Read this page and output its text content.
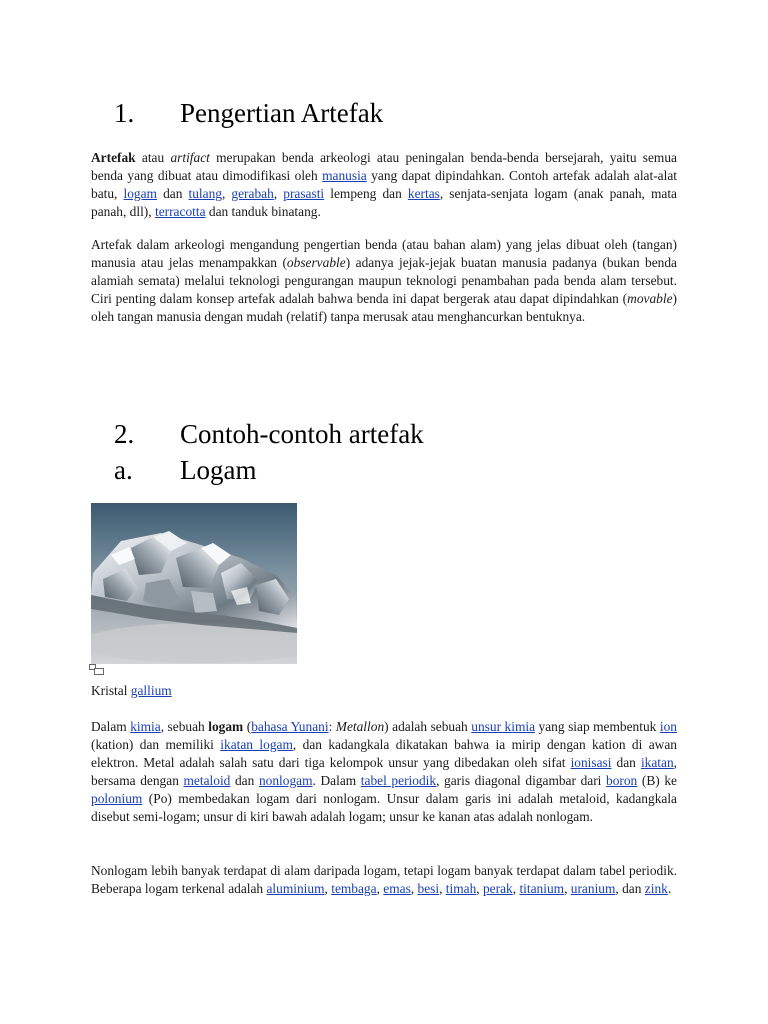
1. Pengertian Artefak
Artefak atau artifact merupakan benda arkeologi atau peningalan benda-benda bersejarah, yaitu semua benda yang dibuat atau dimodifikasi oleh manusia yang dapat dipindahkan. Contoh artefak adalah alat-alat batu, logam dan tulang, gerabah, prasasti lempeng dan kertas, senjata-senjata logam (anak panah, mata panah, dll), terracotta dan tanduk binatang.
Artefak dalam arkeologi mengandung pengertian benda (atau bahan alam) yang jelas dibuat oleh (tangan) manusia atau jelas menampakkan (observable) adanya jejak-jejak buatan manusia padanya (bukan benda alamiah semata) melalui teknologi pengurangan maupun teknologi penambahan pada benda alam tersebut. Ciri penting dalam konsep artefak adalah bahwa benda ini dapat bergerak atau dapat dipindahkan (movable) oleh tangan manusia dengan mudah (relatif) tanpa merusak atau menghancurkan bentuknya.
2. Contoh-contoh artefak
a. Logam
Kristal gallium
Dalam kimia, sebuah logam (bahasa Yunani: Metallon) adalah sebuah unsur kimia yang siap membentuk ion (kation) dan memiliki ikatan logam, dan kadangkala dikatakan bahwa ia mirip dengan kation di awan elektron. Metal adalah salah satu dari tiga kelompok unsur yang dibedakan oleh sifat ionisasi dan ikatan, bersama dengan metaloid dan nonlogam. Dalam tabel periodik, garis diagonal digambar dari boron (B) ke polonium (Po) membedakan logam dari nonlogam. Unsur dalam garis ini adalah metaloid, kadangkala disebut semi-logam; unsur di kiri bawah adalah logam; unsur ke kanan atas adalah nonlogam.
Nonlogam lebih banyak terdapat di alam daripada logam, tetapi logam banyak terdapat dalam tabel periodik. Beberapa logam terkenal adalah aluminium, tembaga, emas, besi, timah, perak, titanium, uranium, dan zink.
